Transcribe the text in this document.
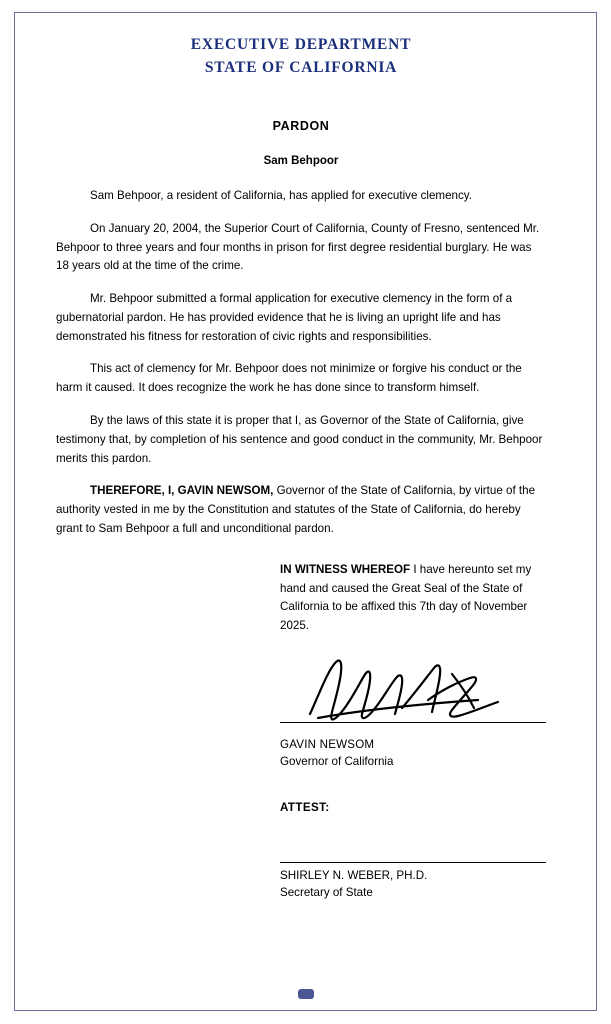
EXECUTIVE DEPARTMENT
STATE OF CALIFORNIA
PARDON
Sam Behpoor

Sam Behpoor, a resident of California, has applied for executive clemency.

On January 20, 2004, the Superior Court of California, County of Fresno, sentenced Mr. Behpoor to three years and four months in prison for first degree residential burglary. He was 18 years old at the time of the crime.

Mr. Behpoor submitted a formal application for executive clemency in the form of a gubernatorial pardon. He has provided evidence that he is living an upright life and has demonstrated his fitness for restoration of civic rights and responsibilities.

This act of clemency for Mr. Behpoor does not minimize or forgive his conduct or the harm it caused. It does recognize the work he has done since to transform himself.

By the laws of this state it is proper that I, as Governor of the State of California, give testimony that, by completion of his sentence and good conduct in the community, Mr. Behpoor merits this pardon.

THEREFORE, I, GAVIN NEWSOM, Governor of the State of California, by virtue of the authority vested in me by the Constitution and statutes of the State of California, do hereby grant to Sam Behpoor a full and unconditional pardon.

IN WITNESS WHEREOF I have hereunto set my hand and caused the Great Seal of the State of California to be affixed this 7th day of November 2025.
GAVIN NEWSOM
Governor of California
ATTEST:
SHIRLEY N. WEBER, PH.D.
Secretary of State
